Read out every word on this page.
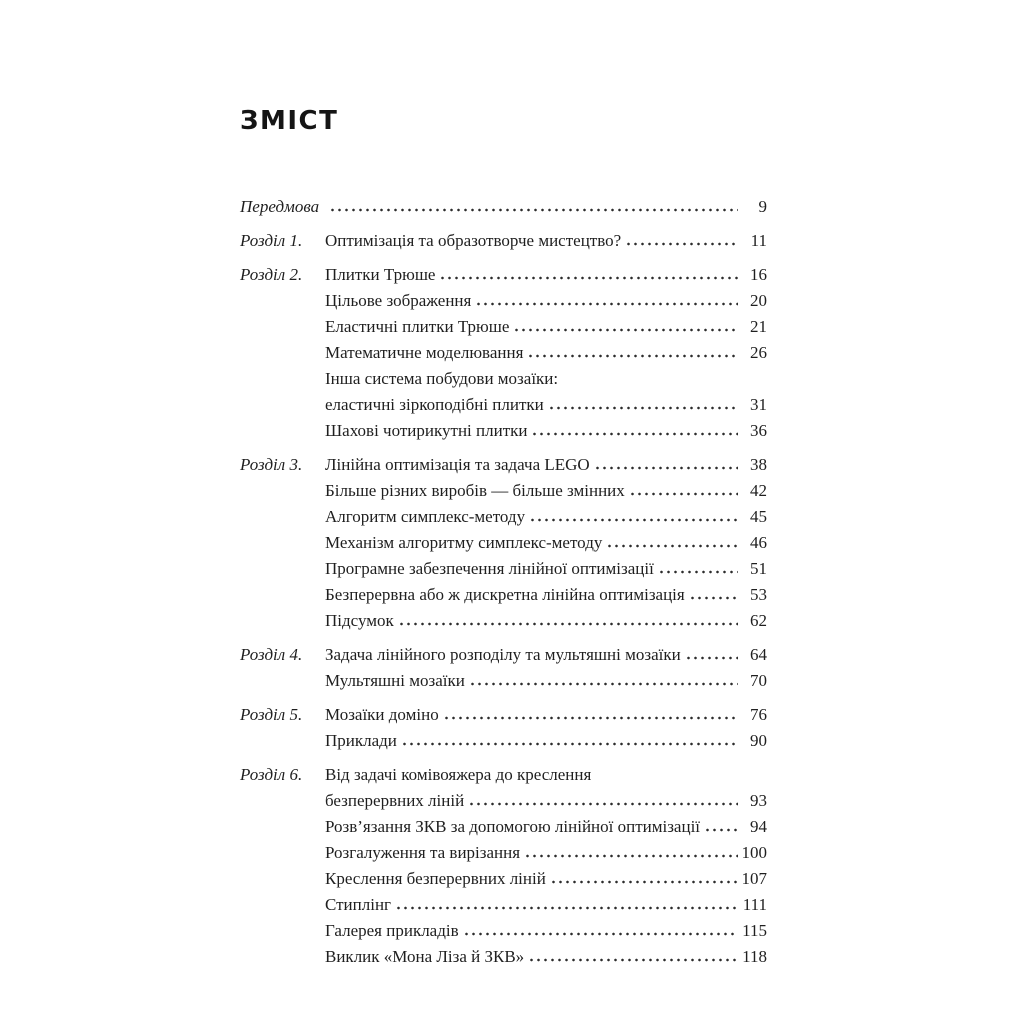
ЗМІСТ
Передмова	9
Розділ 1.	Оптимізація та образотворче мистецтво?	11
Розділ 2.	Плитки Трюше	16
Цільове зображення	20
Еластичні плитки Трюше	21
Математичне моделювання	26
Інша система побудови мозаїки:
еластичні зіркоподібні плитки	31
Шахові чотирикутні плитки	36
Розділ 3.	Лінійна оптимізація та задача LEGO	38
Більше різних виробів — більше змінних	42
Алгоритм симплекс-методу	45
Механізм алгоритму симплекс-методу	46
Програмне забезпечення лінійної оптимізації	51
Безперервна або ж дискретна лінійна оптимізація	53
Підсумок	62
Розділ 4.	Задача лінійного розподілу та мультяшні мозаїки	64
Мультяшні мозаїки	70
Розділ 5.	Мозаїки доміно	76
Приклади	90
Розділ 6.	Від задачі комівояжера до креслення
безперервних ліній	93
Розв’язання ЗКВ за допомогою лінійної оптимізації	94
Розгалуження та вирізання	100
Креслення безперервних ліній	107
Стиплінг	111
Галерея прикладів	115
Виклик «Мона Ліза й ЗКВ»	118
